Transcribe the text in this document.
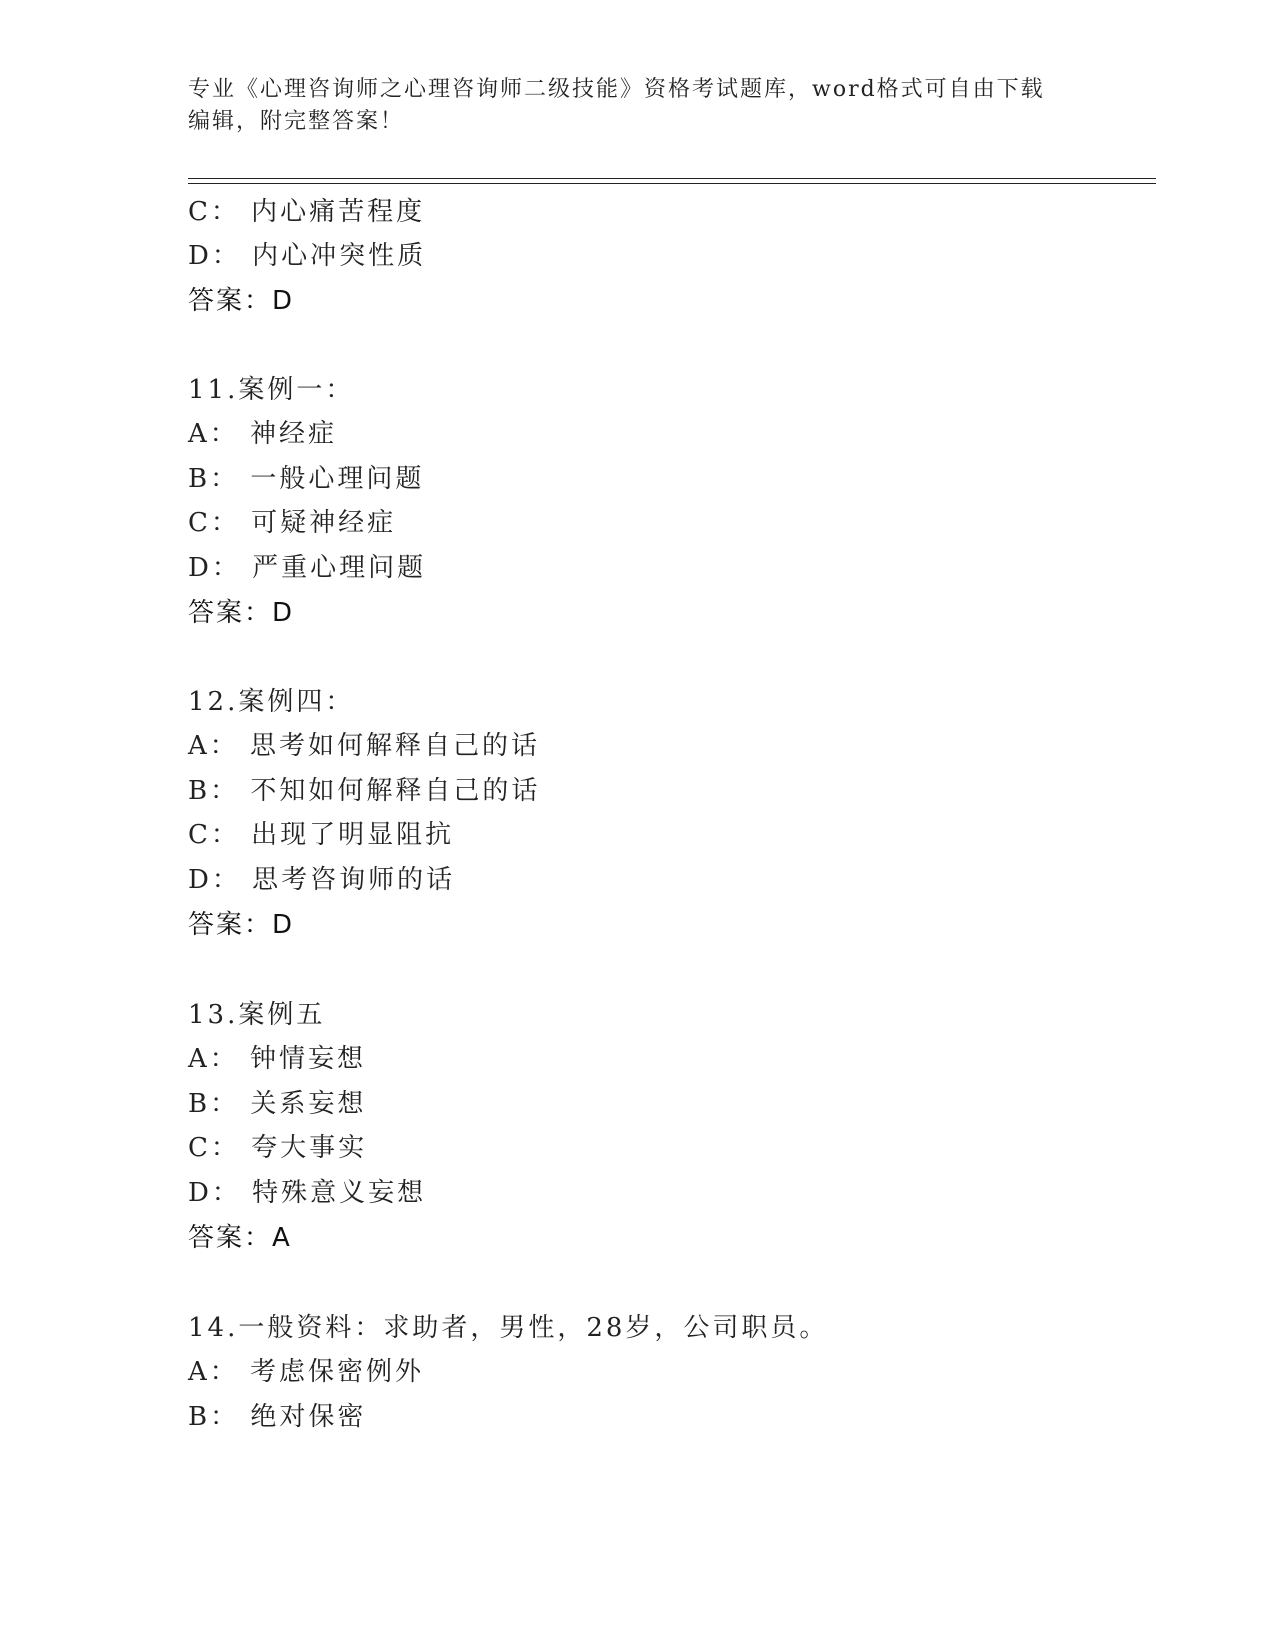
专业《心理咨询师之心理咨询师二级技能》资格考试题库，word格式可自由下载
编辑，附完整答案！
C： 内心痛苦程度
D： 内心冲突性质
答案：D
11.案例一：
A： 神经症
B： 一般心理问题
C： 可疑神经症
D： 严重心理问题
答案：D
12.案例四：
A： 思考如何解释自己的话
B： 不知如何解释自己的话
C： 出现了明显阻抗
D： 思考咨询师的话
答案：D
13.案例五
A： 钟情妄想
B： 关系妄想
C： 夸大事实
D： 特殊意义妄想
答案：A
14.一般资料：求助者，男性，28岁，公司职员。
A： 考虑保密例外
B： 绝对保密
